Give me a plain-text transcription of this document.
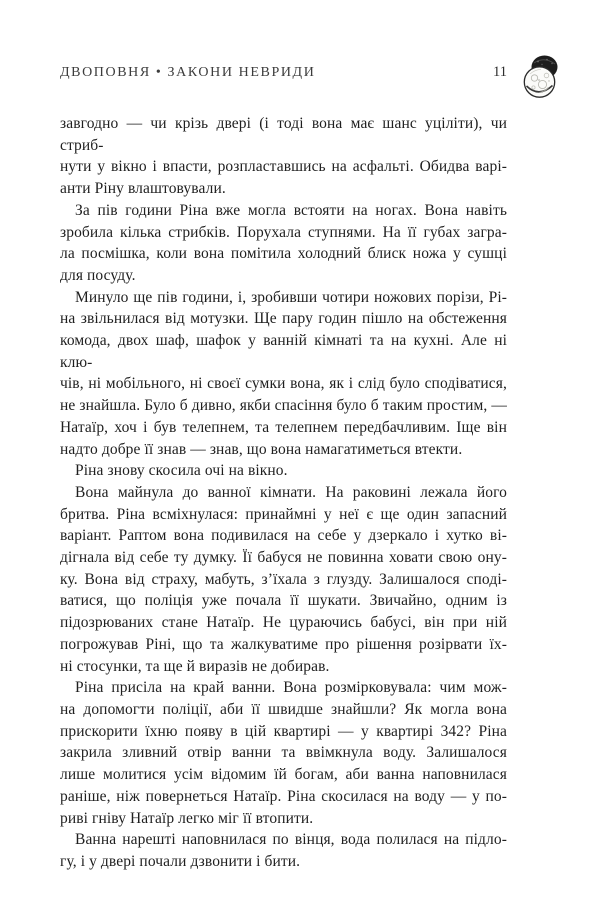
ДВОПОВНЯ • ЗАКОНИ НЕВРИДИ	11
завгодно — чи крізь двері (і тоді вона має шанс уціліти), чи стриб-
нути у вікно і впасти, розпластавшись на асфальті. Обидва варі-
анти Ріну влаштовували.
За пів години Ріна вже могла встояти на ногах. Вона навіть
зробила кілька стрибків. Порухала ступнями. На її губах загра-
ла посмішка, коли вона помітила холодний блиск ножа у сушці
для посуду.
Минуло ще пів години, і, зробивши чотири ножових порізи, Рі-
на звільнилася від мотузки. Ще пару годин пішло на обстеження
комода, двох шаф, шафок у ванній кімнаті та на кухні. Але ні клю-
чів, ні мобільного, ні своєї сумки вона, як і слід було сподіватися,
не знайшла. Було б дивно, якби спасіння було б таким простим, —
Натаїр, хоч і був телепнем, та телепнем передбачливим. Іще він
надто добре її знав — знав, що вона намагатиметься втекти.
Ріна знову скосила очі на вікно.
Вона майнула до ванної кімнати. На раковині лежала його
бритва. Ріна всміхнулася: принаймні у неї є ще один запасний
варіант. Раптом вона подивилася на себе у дзеркало і хутко ві-
дігнала від себе ту думку. Її бабуся не повинна ховати свою ону-
ку. Вона від страху, мабуть, з’їхала з глузду. Залишалося споді-
ватися, що поліція уже почала її шукати. Звичайно, одним із
підозрюваних стане Натаїр. Не цураючись бабусі, він при ній
погрожував Ріні, що та жалкуватиме про рішення розірвати їх-
ні стосунки, та ще й виразів не добирав.
Ріна присіла на край ванни. Вона розмірковувала: чим мож-
на допомогти поліції, аби її швидше знайшли? Як могла вона
прискорити їхню появу в цій квартирі — у квартирі 342? Ріна
закрила зливний отвір ванни та ввімкнула воду. Залишалося
лише молитися усім відомим їй богам, аби ванна наповнилася
раніше, ніж повернеться Натаїр. Ріна скосилася на воду — у по-
риві гніву Натаїр легко міг її втопити.
Ванна нарешті наповнилася по вінця, вода полилася на підло-
гу, і у двері почали дзвонити і бити.
